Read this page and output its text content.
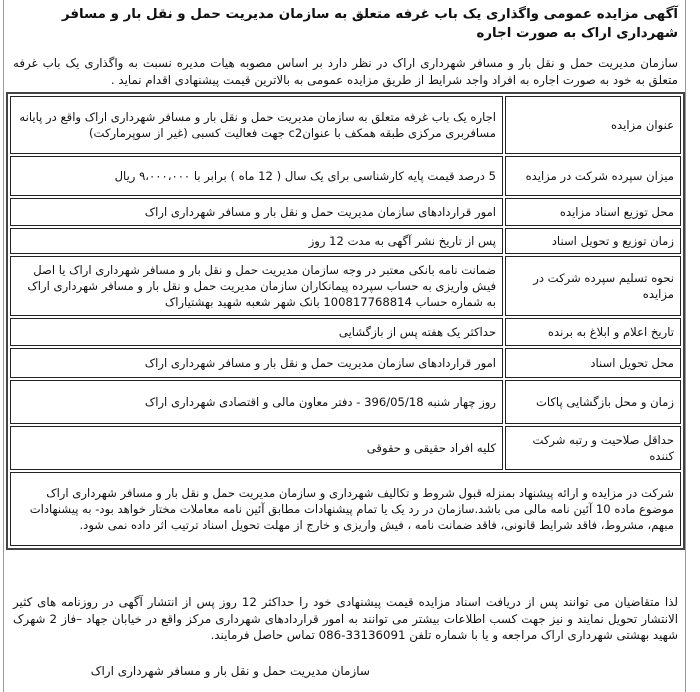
آگهی مزایده عمومی واگذاری یک باب غرفه متعلق به سازمان مدیریت حمل و نقل بار و مسافر شهرداری اراک به صورت اجاره
سازمان مدیریت حمل و نقل بار و مسافر شهرداری اراک در نظر دارد بر اساس مصوبه هیات مدیره نسبت به واگذاری یک باب غرفه متعلق به خود به صورت اجاره به افراد واجد شرایط از طریق مزایده عمومی به بالاترین قیمت پیشنهادی اقدام نماید .
عنوان مزایده	اجاره یک باب غرفه متعلق به سازمان مدیریت حمل و نقل بار و مسافر شهرداری اراک واقع در پایانه مسافربری مرکزی طبقه همکف با عنوانc2 جهت فعالیت کسبی (غیر از سوپرمارکت)
میزان سپرده شرکت در مزایده	5 درصد قیمت پایه کارشناسی برای یک سال ( 12 ماه ) برابر با ۹،۰۰۰،۰۰۰ ریال
محل توزیع اسناد مزایده	امور قراردادهای سازمان مدیریت حمل و نقل بار و مسافر شهرداری اراک
زمان توزیع و تحویل اسناد	پس از تاریخ نشر آگهی به مدت 12 روز
نحوه تسلیم سپرده شرکت در مزایده	ضمانت نامه بانکی معتبر در وجه سازمان مدیریت حمل و نقل بار و مسافر شهرداری اراک یا اصل فیش واریزی به حساب سپرده پیمانکاران سازمان مدیریت حمل و نقل بار و مسافر شهرداری اراک به شماره حساب 100817768814 بانک شهر شعبه شهید بهشتیاراک
تاریخ اعلام و ابلاغ به برنده	حداکثر یک هفته پس از بازگشایی
محل تحویل اسناد	امور قراردادهای سازمان مدیریت حمل و نقل بار و مسافر شهرداری اراک
زمان و محل بازگشایی پاکات	روز چهار شنبه 396/05/18 - دفتر معاون مالی و اقتصادی شهرداری اراک
حداقل صلاحیت و رتبه شرکت کننده	کلیه افراد حقیقی و حقوقی
شرکت در مزایده و ارائه پیشنهاد بمنزله قبول شروط و تکالیف شهرداری و سازمان مدیریت حمل و نقل بار و مسافر شهرداری اراک موضوع ماده 10 آئین نامه مالی می باشد.سازمان در رد یک یا تمام پیشنهادات مطابق آئین نامه معاملات مختار خواهد بود- به پیشنهادات مبهم، مشروط، فاقد شرایط قانونی، فاقد ضمانت نامه ، فیش واریزی و خارج از مهلت تحویل اسناد ترتیب اثر داده نمی شود.	
لذا متقاضیان می توانند پس از دریافت اسناد مزایده قیمت پیشنهادی خود را حداکثر 12 روز پس از انتشار آگهی در روزنامه های کثیر الانتشار تحویل نمایند و نیز جهت کسب اطلاعات بیشتر می توانند به امور قراردادهای شهرداری مرکز واقع در خیابان جهاد –فاز 2 شهرک شهید بهشتی شهرداری اراک مراجعه و یا با شماره تلفن 33136091-086 تماس حاصل فرمایند.
سازمان مدیریت حمل و نقل بار و مسافر شهرداری اراک
